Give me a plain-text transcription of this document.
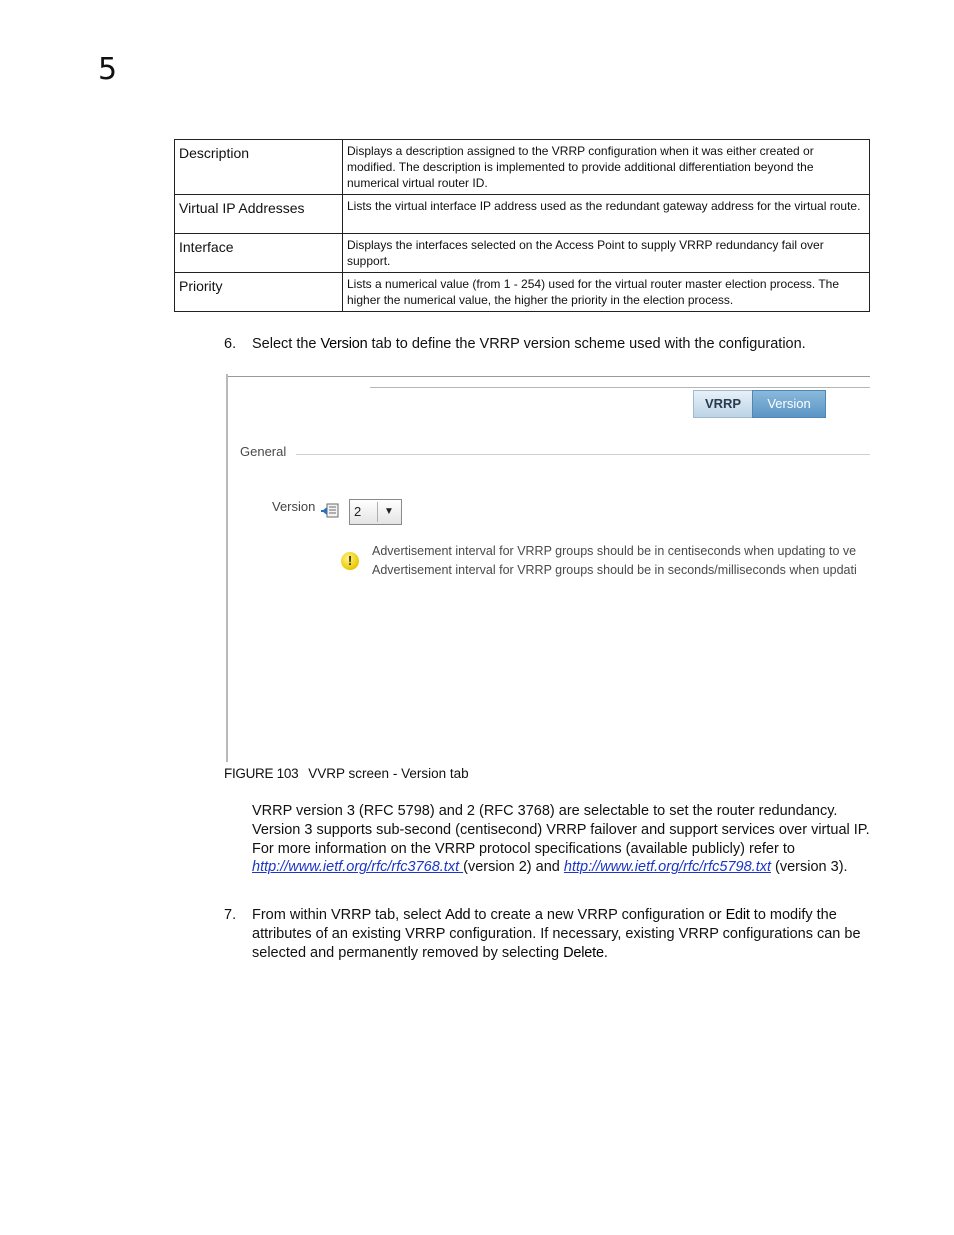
5
Description	Displays a description assigned to the VRRP configuration when it was either created or modified. The description is implemented to provide additional differentiation beyond the numerical virtual router ID.
Virtual IP Addresses	Lists the virtual interface IP address used as the redundant gateway address for the virtual route.
Interface	Displays the interfaces selected on the Access Point to supply VRRP redundancy fail over support.
Priority	Lists a numerical value (from 1 - 254) used for the virtual router master election process. The higher the numerical value, the higher the priority in the election process.
6.	Select the Version tab to define the VRRP version scheme used with the configuration.
VRRP	Version
General
Version	2 ▼
!
Advertisement interval for VRRP groups should be in centiseconds when updating to ve
Advertisement interval for VRRP groups should be in seconds/milliseconds when updati
FIGURE 103 VVRP screen - Version tab
VRRP version 3 (RFC 5798) and 2 (RFC 3768) are selectable to set the router redundancy. Version 3 supports sub-second (centisecond) VRRP failover and support services over virtual IP. For more information on the VRRP protocol specifications (available publicly) refer to http://www.ietf.org/rfc/rfc3768.txt (version 2) and http://www.ietf.org/rfc/rfc5798.txt (version 3).
7.	From within VRRP tab, select Add to create a new VRRP configuration or Edit to modify the attributes of an existing VRRP configuration. If necessary, existing VRRP configurations can be selected and permanently removed by selecting Delete.
